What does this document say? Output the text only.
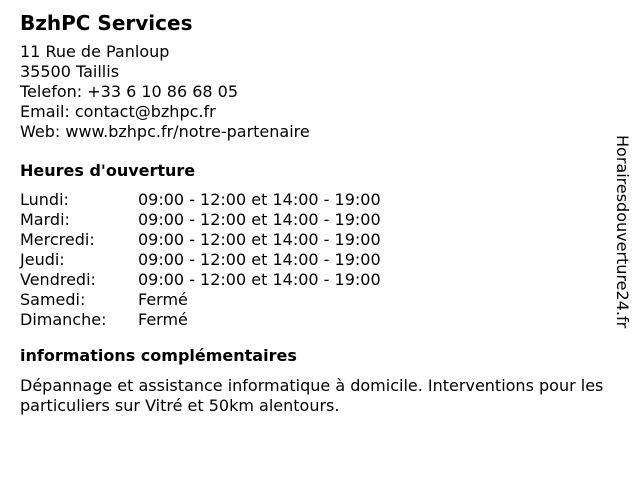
BzhPC Services
11 Rue de Panloup
35500 Taillis
Telefon: +33 6 10 86 68 05
Email: contact@bzhpc.fr
Web: www.bzhpc.fr/notre-partenaire
Heures d'ouverture
Lundi:	09:00 - 12:00 et 14:00 - 19:00
Mardi:	09:00 - 12:00 et 14:00 - 19:00
Mercredi:	09:00 - 12:00 et 14:00 - 19:00
Jeudi:	09:00 - 12:00 et 14:00 - 19:00
Vendredi:	09:00 - 12:00 et 14:00 - 19:00
Samedi:	Fermé
Dimanche:	Fermé
informations complémentaires
Dépannage et assistance informatique à domicile. Interventions pour les particuliers sur Vitré et 50km alentours.
Horairesdouverture24.fr
